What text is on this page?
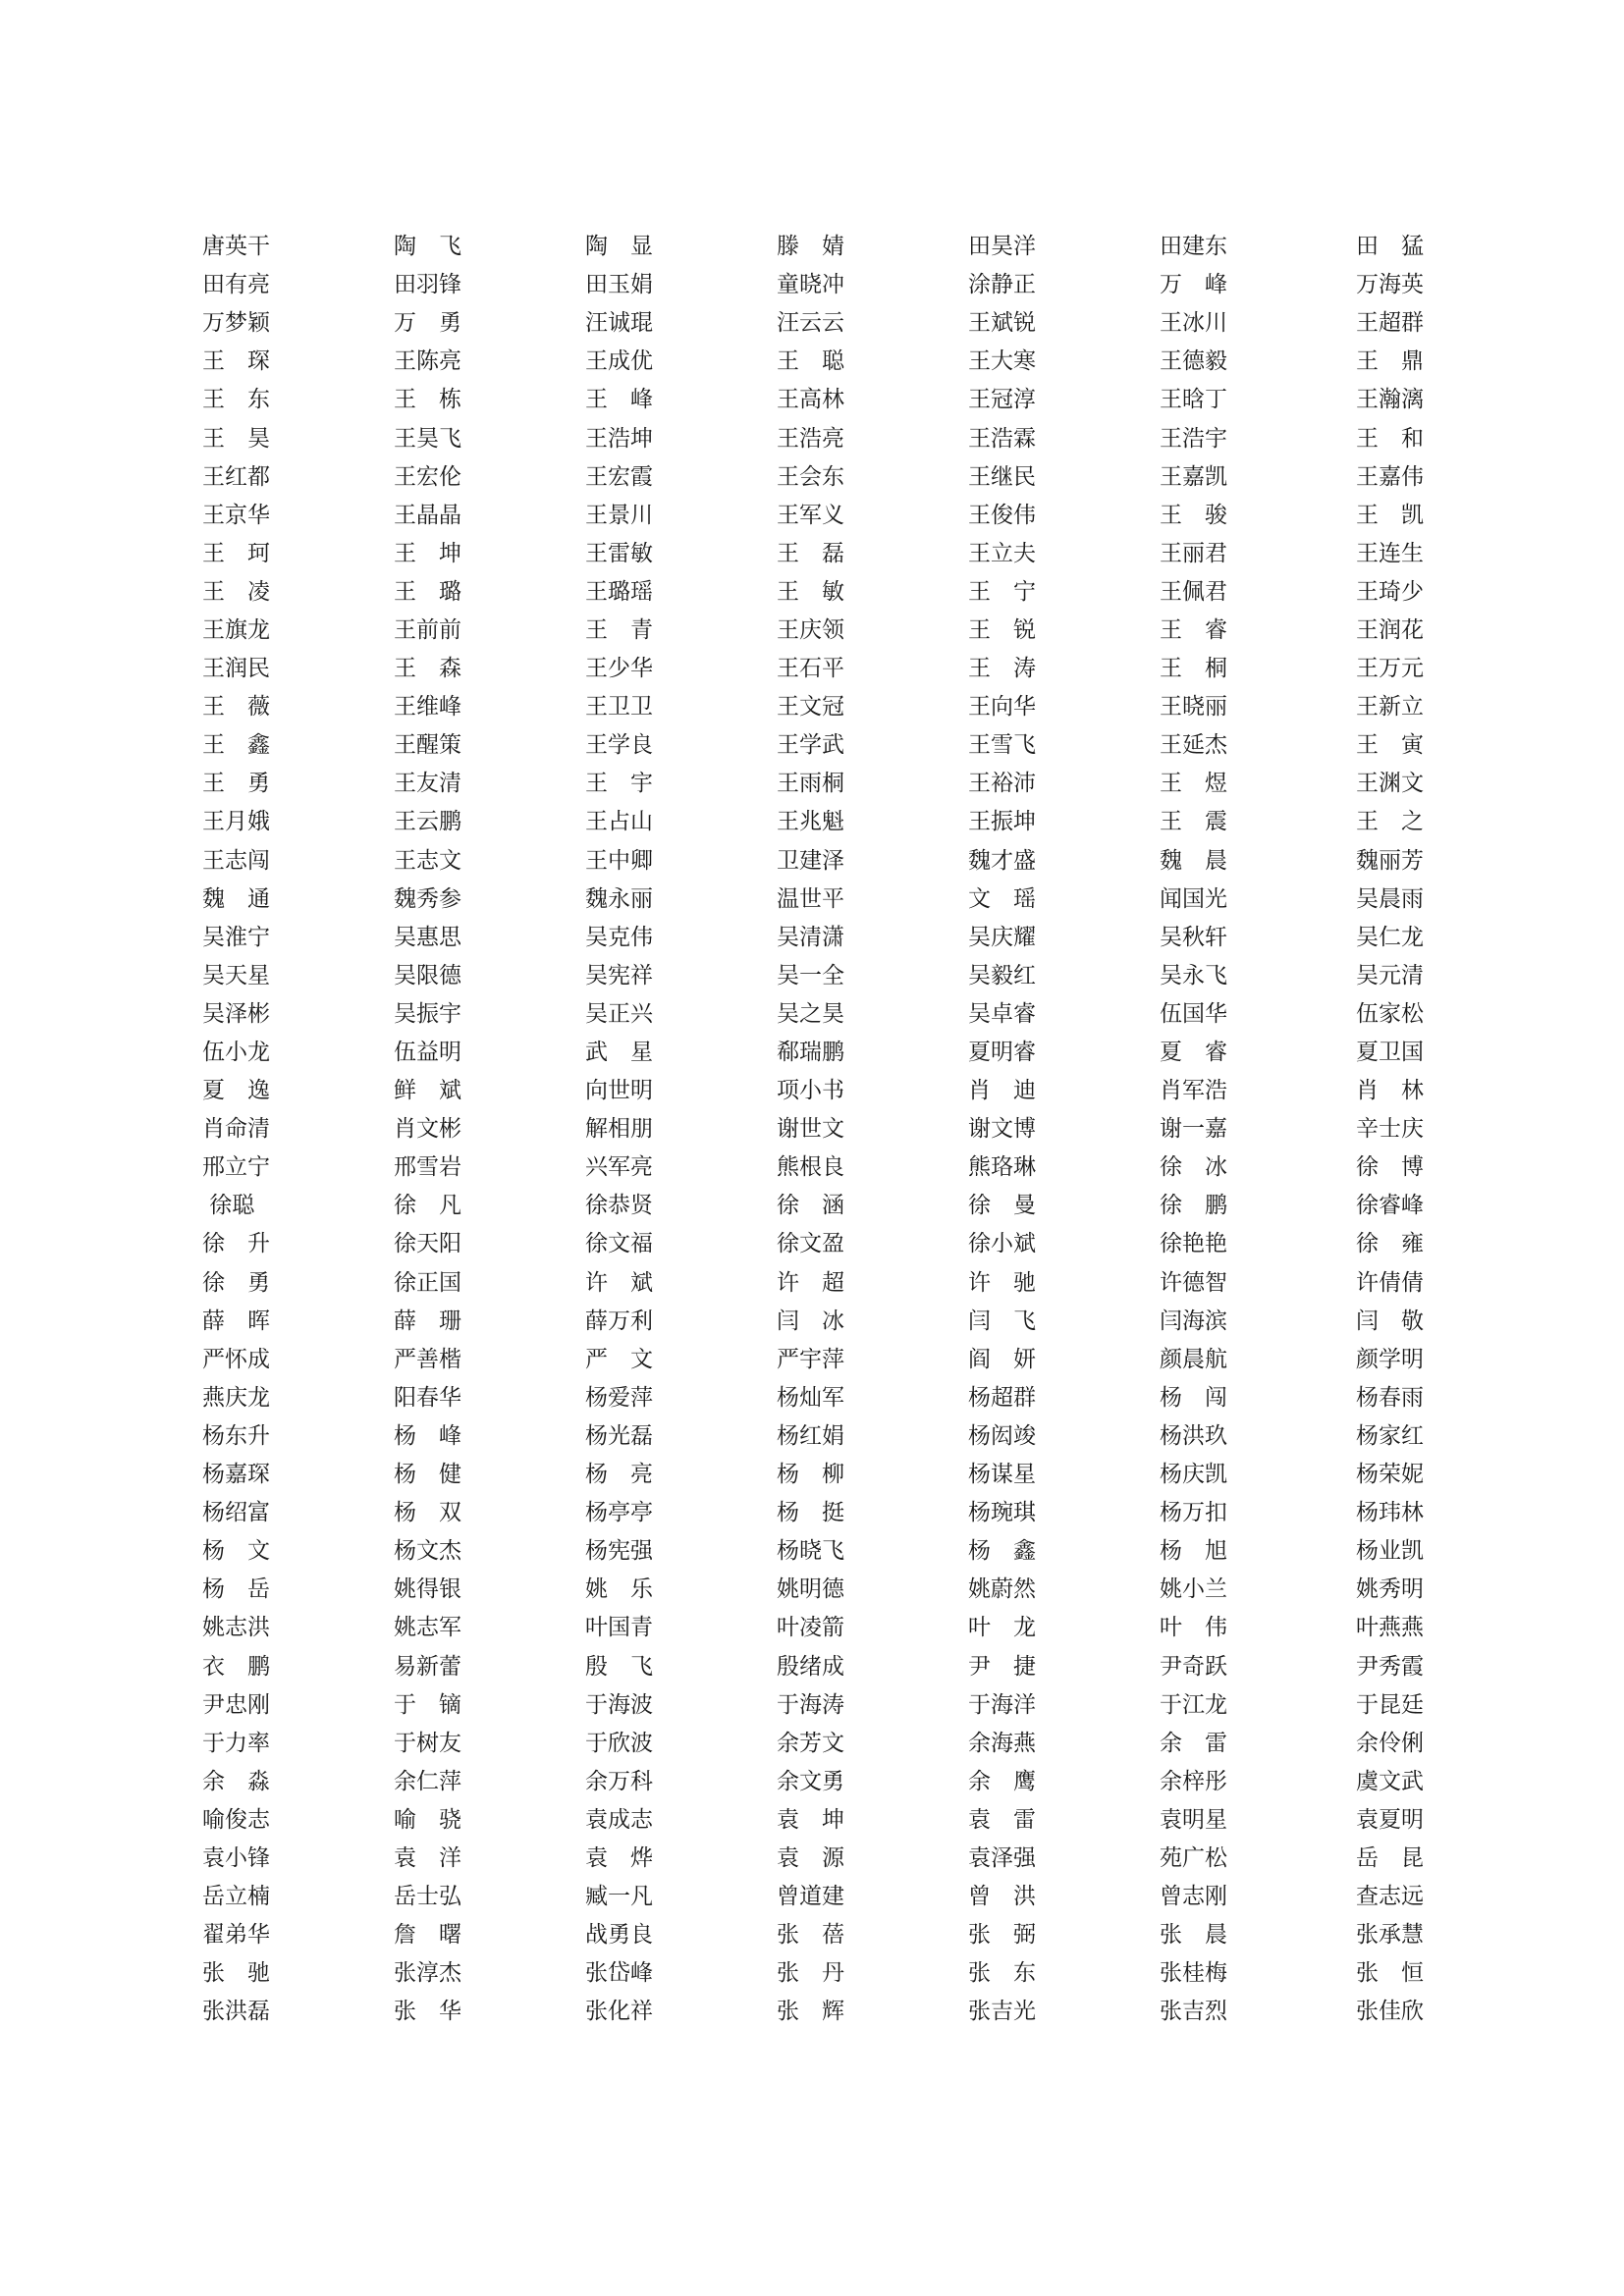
唐英干	陶　飞	陶　显	滕　婧	田昊洋	田建东	田　猛
田有亮	田羽锋	田玉娟	童晓冲	涂静正	万　峰	万海英
万梦颖	万　勇	汪诚琨	汪云云	王斌锐	王冰川	王超群
王　琛	王陈亮	王成优	王　聪	王大寒	王德毅	王　鼎
王　东	王　栋	王　峰	王高林	王冠淳	王晗丁	王瀚漓
王　昊	王昊飞	王浩坤	王浩亮	王浩霖	王浩宇	王　和
王红都	王宏伦	王宏霞	王会东	王继民	王嘉凯	王嘉伟
王京华	王晶晶	王景川	王军义	王俊伟	王　骏	王　凯
王　珂	王　坤	王雷敏	王　磊	王立夫	王丽君	王连生
王　凌	王　璐	王璐瑶	王　敏	王　宁	王佩君	王琦少
王旗龙	王前前	王　青	王庆领	王　锐	王　睿	王润花
王润民	王　森	王少华	王石平	王　涛	王　桐	王万元
王　薇	王维峰	王卫卫	王文冠	王向华	王晓丽	王新立
王　鑫	王醒策	王学良	王学武	王雪飞	王延杰	王　寅
王　勇	王友清	王　宇	王雨桐	王裕沛	王　煜	王渊文
王月娥	王云鹏	王占山	王兆魁	王振坤	王　震	王　之
王志闯	王志文	王中卿	卫建泽	魏才盛	魏　晨	魏丽芳
魏　通	魏秀参	魏永丽	温世平	文　瑶	闻国光	吴晨雨
吴淮宁	吴惠思	吴克伟	吴清潇	吴庆耀	吴秋轩	吴仁龙
吴天星	吴限德	吴宪祥	吴一全	吴毅红	吴永飞	吴元清
吴泽彬	吴振宇	吴正兴	吴之昊	吴卓睿	伍国华	伍家松
伍小龙	伍益明	武　星	郗瑞鹏	夏明睿	夏　睿	夏卫国
夏　逸	鲜　斌	向世明	项小书	肖　迪	肖军浩	肖　林
肖命清	肖文彬	解相朋	谢世文	谢文博	谢一嘉	辛士庆
邢立宁	邢雪岩	兴军亮	熊根良	熊珞琳	徐　冰	徐　博
徐聪	徐　凡	徐恭贤	徐　涵	徐　曼	徐　鹏	徐睿峰
徐　升	徐天阳	徐文福	徐文盈	徐小斌	徐艳艳	徐　雍
徐　勇	徐正国	许　斌	许　超	许　驰	许德智	许倩倩
薛　晖	薛　珊	薛万利	闫　冰	闫　飞	闫海滨	闫　敬
严怀成	严善楷	严　文	严宇萍	阎　妍	颜晨航	颜学明
燕庆龙	阳春华	杨爱萍	杨灿军	杨超群	杨　闯	杨春雨
杨东升	杨　峰	杨光磊	杨红娟	杨闳竣	杨洪玖	杨家红
杨嘉琛	杨　健	杨　亮	杨　柳	杨谋星	杨庆凯	杨荣妮
杨绍富	杨　双	杨亭亭	杨　挺	杨琬琪	杨万扣	杨玮林
杨　文	杨文杰	杨宪强	杨晓飞	杨　鑫	杨　旭	杨业凯
杨　岳	姚得银	姚　乐	姚明德	姚蔚然	姚小兰	姚秀明
姚志洪	姚志军	叶国青	叶凌箭	叶　龙	叶　伟	叶燕燕
衣　鹏	易新蕾	殷　飞	殷绪成	尹　捷	尹奇跃	尹秀霞
尹忠刚	于　镝	于海波	于海涛	于海洋	于江龙	于昆廷
于力率	于树友	于欣波	余芳文	余海燕	余　雷	余伶俐
余　淼	余仁萍	余万科	余文勇	余　鹰	余梓彤	虞文武
喻俊志	喻　骁	袁成志	袁　坤	袁　雷	袁明星	袁夏明
袁小锋	袁　洋	袁　烨	袁　源	袁泽强	苑广松	岳　昆
岳立楠	岳士弘	臧一凡	曾道建	曾　洪	曾志刚	查志远
翟弟华	詹　曙	战勇良	张　蓓	张　弼	张　晨	张承慧
张　驰	张淳杰	张岱峰	张　丹	张　东	张桂梅	张　恒
张洪磊	张　华	张化祥	张　辉	张吉光	张吉烈	张佳欣
